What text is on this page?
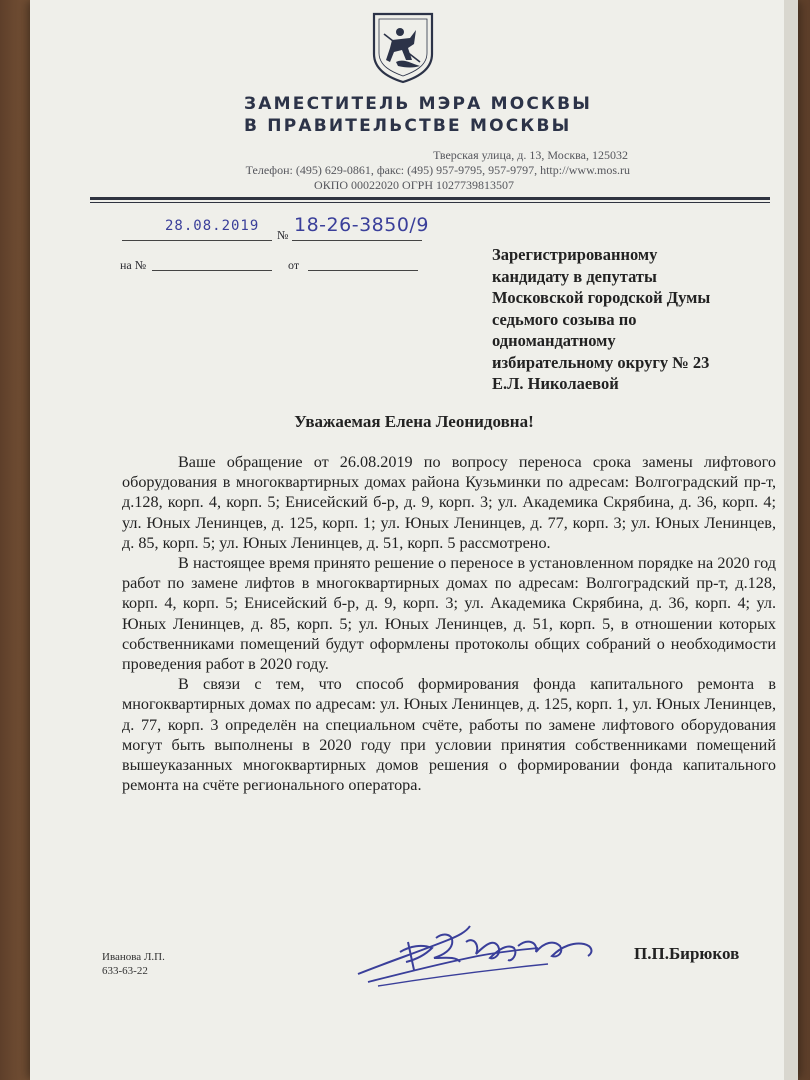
ЗАМЕСТИТЕЛЬ МЭРА МОСКВЫ
В ПРАВИТЕЛЬСТВЕ МОСКВЫ
Тверская улица, д. 13, Москва, 125032
Телефон: (495) 629-0861, факс: (495) 957-9795, 957-9797, http://www.mos.ru
ОКПО 00022020 ОГРН 1027739813507
28.08.2019
№ 18-26-3850/9
на №	от
Зарегистрированному
кандидату в депутаты
Московской городской Думы
седьмого созыва по
одномандатному
избирательному округу № 23
Е.Л. Николаевой
Уважаемая Елена Леонидовна!

Ваше обращение от 26.08.2019 по вопросу переноса срока замены лифтового оборудования в многоквартирных домах района Кузьминки по адресам: Волгоградский пр-т, д.128, корп. 4, корп. 5; Енисейский б-р, д. 9, корп. 3; ул. Академика Скрябина, д. 36, корп. 4; ул. Юных Ленинцев, д. 125, корп. 1; ул. Юных Ленинцев, д. 77, корп. 3; ул. Юных Ленинцев, д. 85, корп. 5; ул. Юных Ленинцев, д. 51, корп. 5 рассмотрено.

В настоящее время принято решение о переносе в установленном порядке на 2020 год работ по замене лифтов в многоквартирных домах по адресам: Волгоградский пр-т, д.128, корп. 4, корп. 5; Енисейский б-р, д. 9, корп. 3; ул. Академика Скрябина, д. 36, корп. 4; ул. Юных Ленинцев, д. 85, корп. 5; ул. Юных Ленинцев, д. 51, корп. 5, в отношении которых собственниками помещений будут оформлены протоколы общих собраний о необходимости проведения работ в 2020 году.

В связи с тем, что способ формирования фонда капитального ремонта в многоквартирных домах по адресам: ул. Юных Ленинцев, д. 125, корп. 1, ул. Юных Ленинцев, д. 77, корп. 3 определён на специальном счёте, работы по замене лифтового оборудования могут быть выполнены в 2020 году при условии принятия собственниками помещений вышеуказанных многоквартирных домов решения о формировании фонда капитального ремонта на счёте регионального оператора.

Иванова Л.П.
633-63-22
П.П.Бирюков
